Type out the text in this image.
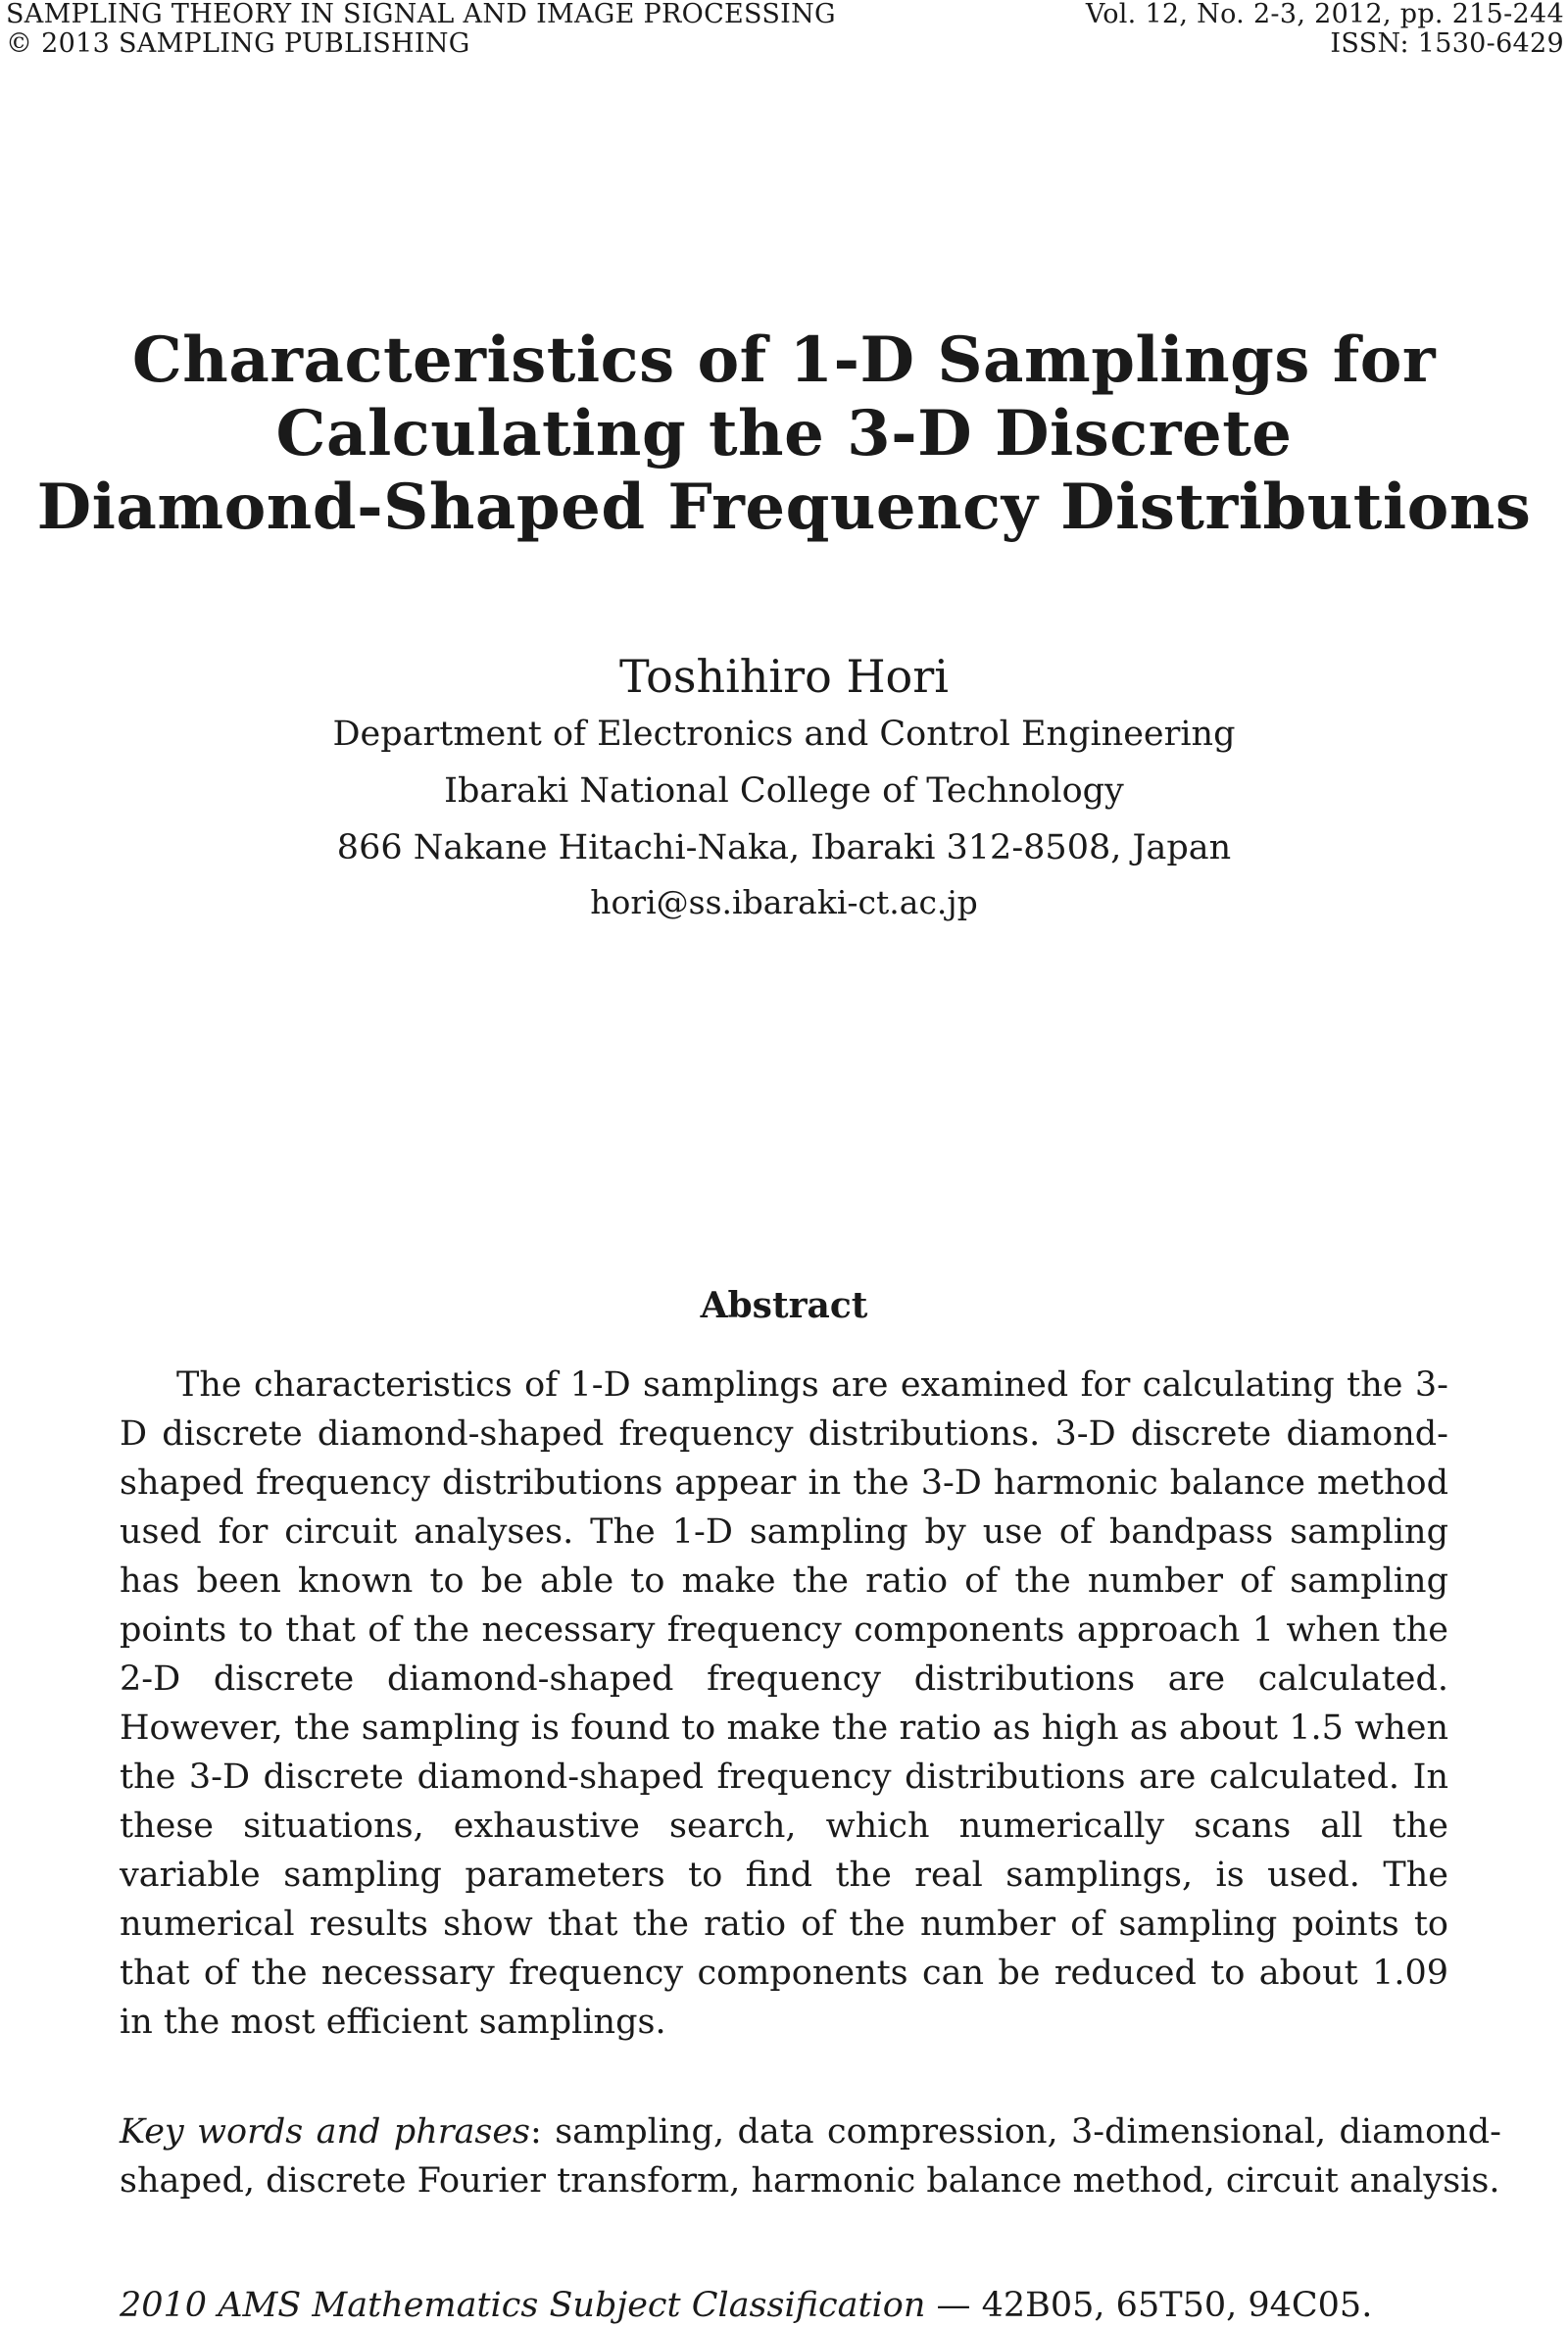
SAMPLING THEORY IN SIGNAL AND IMAGE PROCESSING
© 2013 SAMPLING PUBLISHING
Vol. 12, No. 2-3, 2012, pp. 215-244
ISSN: 1530-6429
Characteristics of 1-D Samplings for
Calculating the 3-D Discrete
Diamond-Shaped Frequency Distributions
Toshihiro Hori
Department of Electronics and Control Engineering
Ibaraki National College of Technology
866 Nakane Hitachi-Naka, Ibaraki 312-8508, Japan
hori@ss.ibaraki-ct.ac.jp
Abstract

The characteristics of 1-D samplings are examined for calculating the 3-D discrete diamond-shaped frequency distributions. 3-D discrete diamond-shaped frequency distributions appear in the 3-D harmonic balance method used for circuit analyses. The 1-D sampling by use of bandpass sampling has been known to be able to make the ratio of the number of sampling points to that of the necessary frequency components approach 1 when the 2-D discrete diamond-shaped frequency distributions are calculated. However, the sampling is found to make the ratio as high as about 1.5 when the 3-D discrete diamond-shaped frequency distributions are calculated. In these situations, exhaustive search, which numerically scans all the variable sampling parameters to find the real samplings, is used. The numerical results show that the ratio of the number of sampling points to that of the necessary frequency components can be reduced to about 1.09 in the most efficient samplings.

Key words and phrases: sampling, data compression, 3-dimensional, diamond-shaped, discrete Fourier transform, harmonic balance method, circuit analysis.

2010 AMS Mathematics Subject Classification — 42B05, 65T50, 94C05.
